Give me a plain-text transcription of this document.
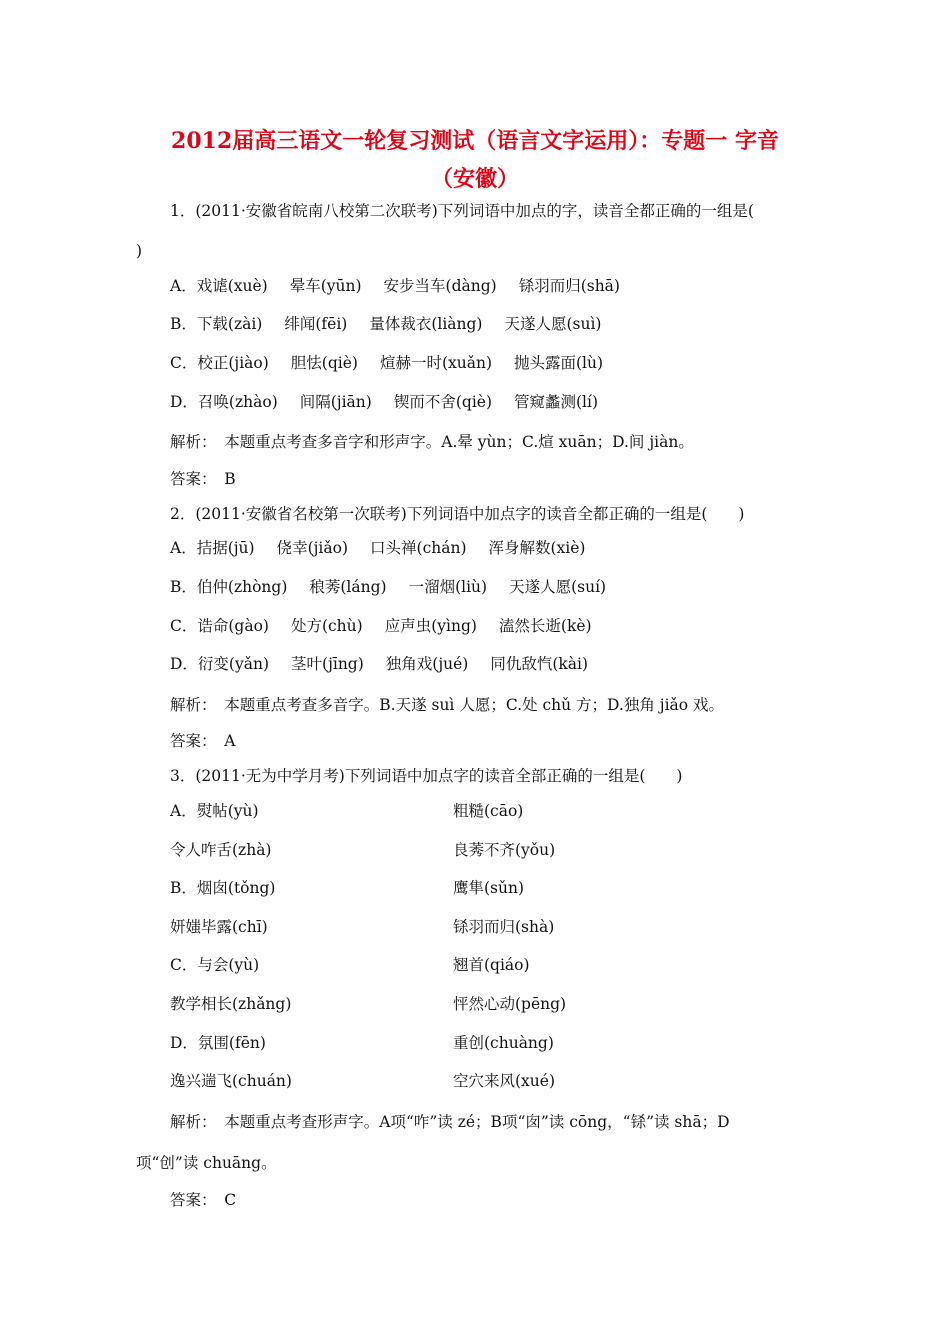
2012届高三语文一轮复习测试（语言文字运用）：专题一 字音
（安徽）
1．(2011·安徽省皖南八校第二次联考)下列词语中加点的字，读音全都正确的一组是(
)
A．戏谑(xuè) 晕车(yūn) 安步当车(dàng) 铩羽而归(shā)
B．下载(zài) 绯闻(fēi) 量体裁衣(liàng) 天遂人愿(suì)
C．校正(jiào) 胆怯(qiè) 煊赫一时(xuǎn) 抛头露面(lù)
D．召唤(zhào) 间隔(jiān) 锲而不舍(qiè) 管窥蠡测(lí)
解析：　本题重点考查多音字和形声字。A.晕 yùn；C.煊 xuān；D.间 jiàn。
答案：　B
2．(2011·安徽省名校第一次联考)下列词语中加点字的读音全都正确的一组是(　　)
A．拮据(jū) 侥幸(jiǎo) 口头禅(chán) 浑身解数(xiè)
B．伯仲(zhòng) 稂莠(láng) 一溜烟(liù) 天遂人愿(suí)
C．诰命(gào) 处方(chù) 应声虫(yìng) 溘然长逝(kè)
D．衍变(yǎn) 茎叶(jīng) 独角戏(jué) 同仇敌忾(kài)
解析：　本题重点考查多音字。B.天遂 suì 人愿；C.处 chǔ 方；D.独角 jiǎo 戏。
答案：　A
3．(2011·无为中学月考)下列词语中加点字的读音全部正确的一组是(　　)
A．熨帖(yù)	粗糙(cāo)
令人咋舌(zhà)	良莠不齐(yǒu)
B．烟囱(tǒng)	鹰隼(sǔn)
妍媸毕露(chī)	铩羽而归(shà)
C．与会(yù)	翘首(qiáo)
教学相长(zhǎng)	怦然心动(pēng)
D．氛围(fēn)	重创(chuàng)
逸兴遄飞(chuán)	空穴来风(xué)
解析：　本题重点考查形声字。A项“咋”读 zé；B项“囱”读 cōng，“铩”读 shā；D
项“创”读 chuāng。
答案：　C
